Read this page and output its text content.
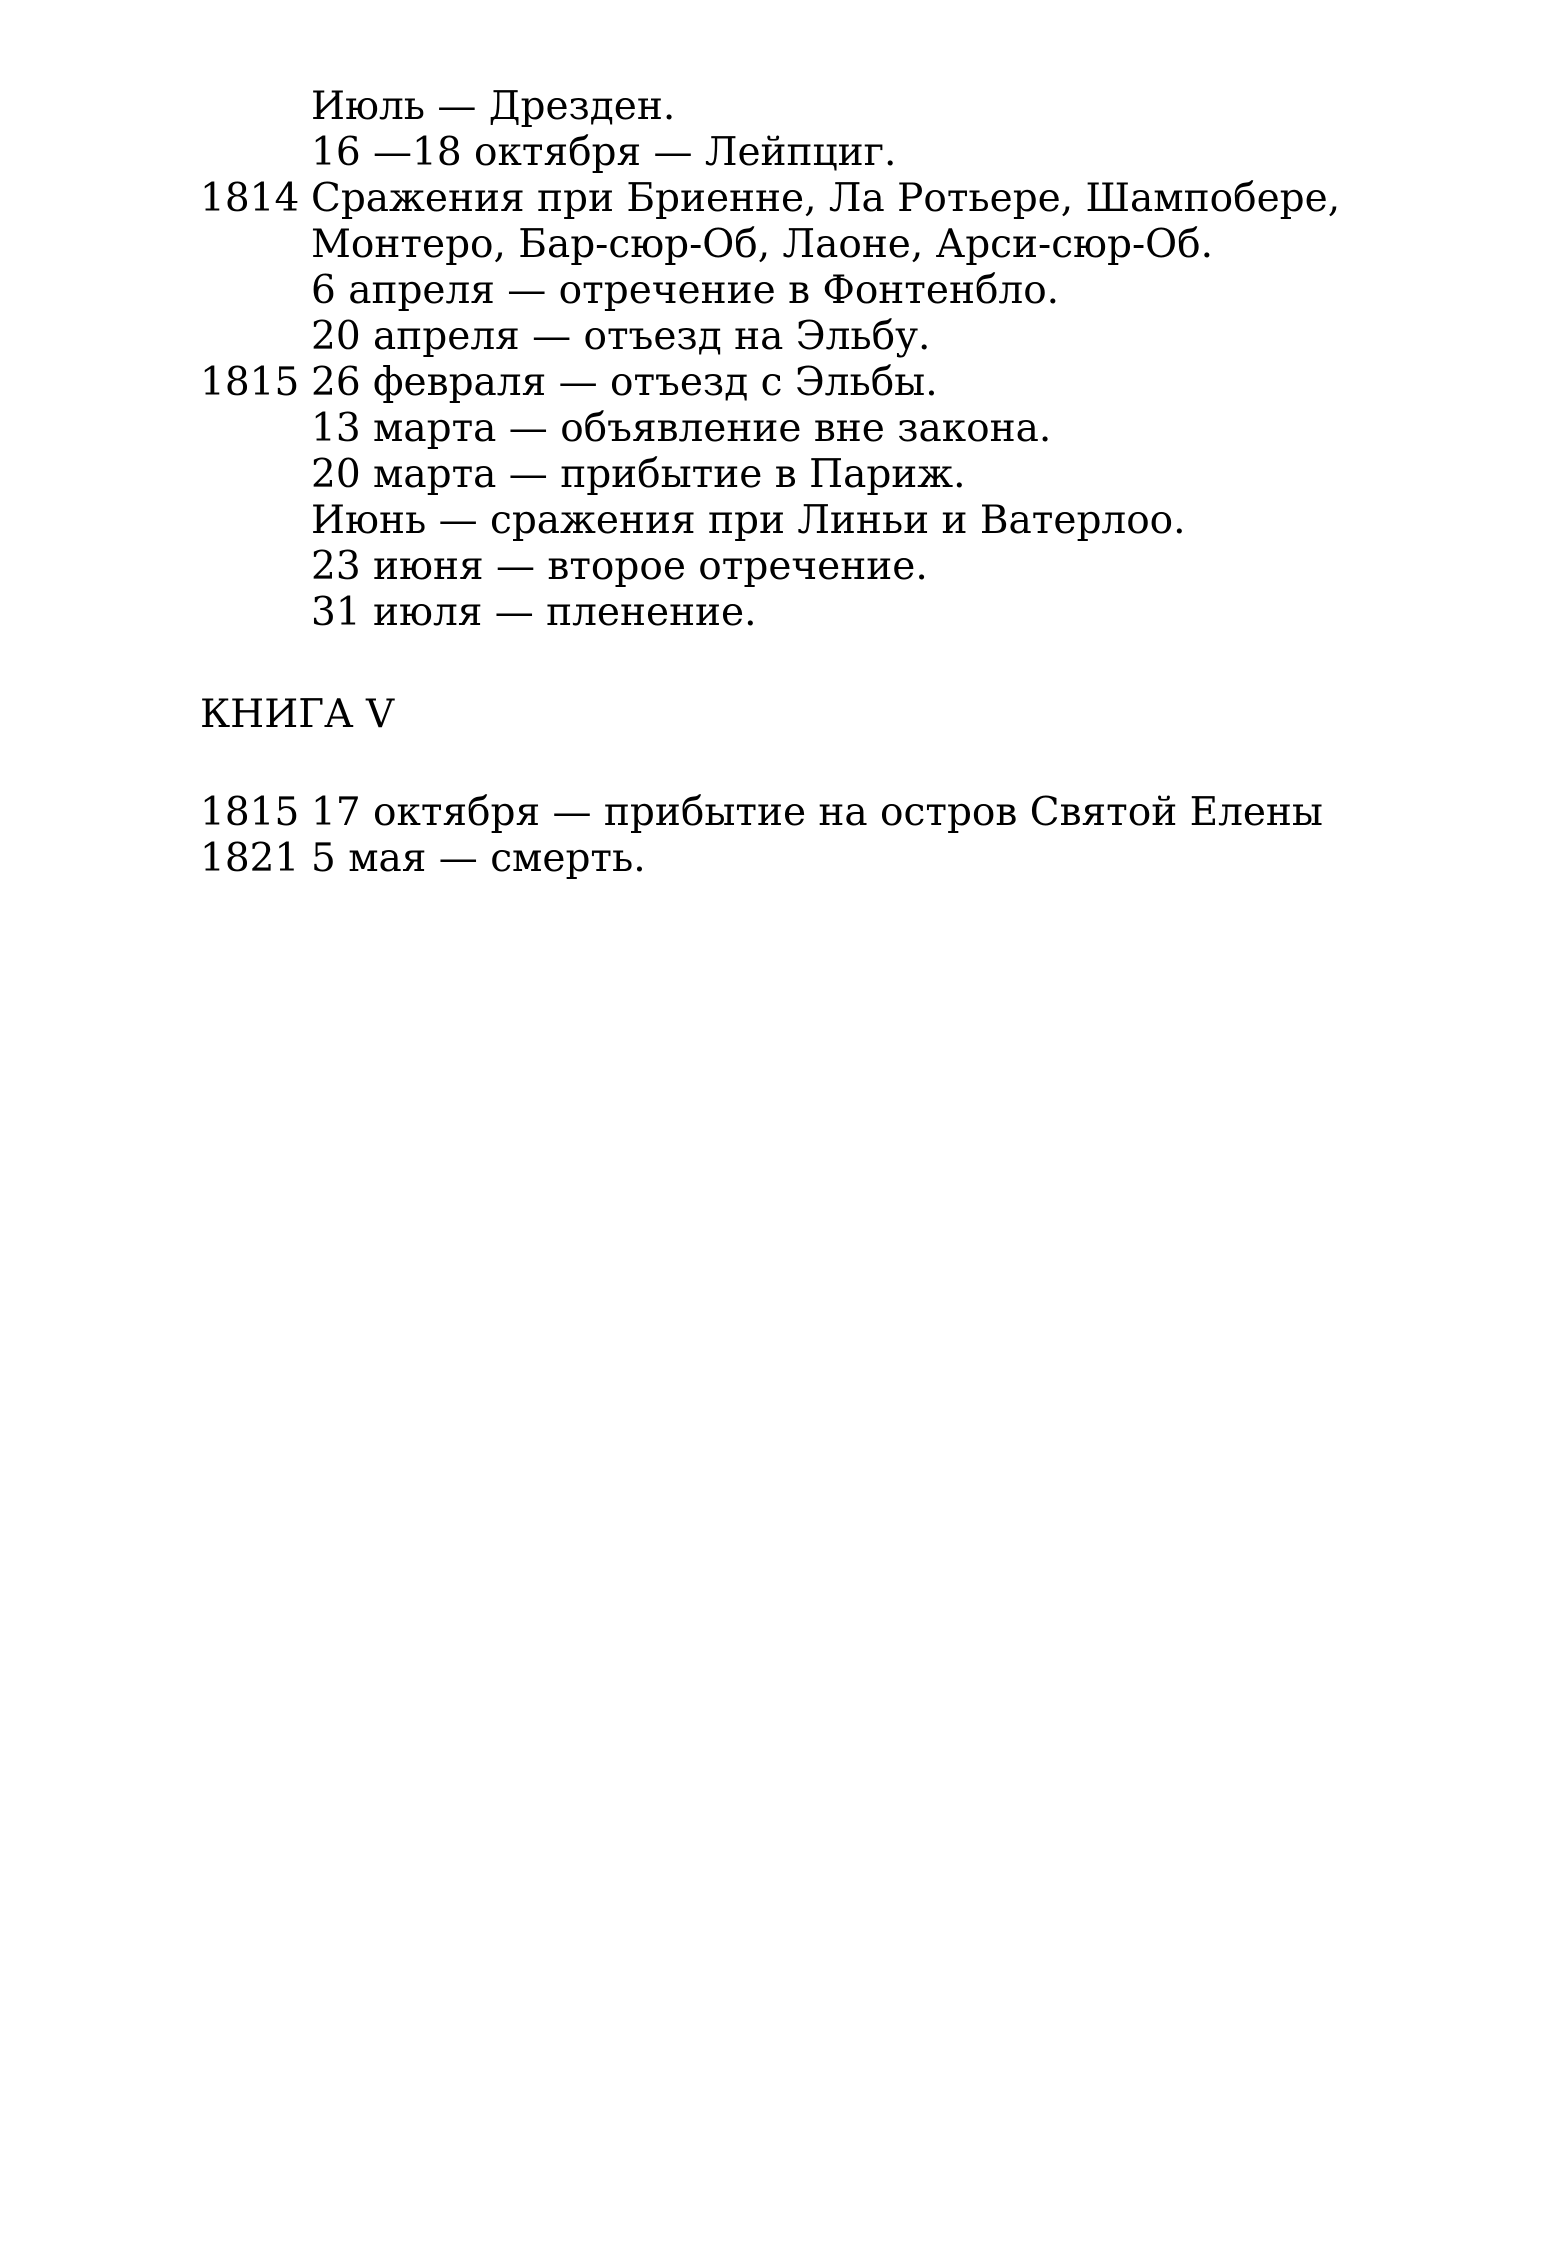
Июль — Дрезден.
16 —18 октября — Лейпциг.
1814 Сражения при Бриенне, Ла Ротьере, Шампобере,
Монтеро, Бар-сюр-Об, Лаоне, Арси-сюр-Об.
6 апреля — отречение в Фонтенбло.
20 апреля — отъезд на Эльбу.
1815 26 февраля — отъезд с Эльбы.
13 марта — объявление вне закона.
20 марта — прибытие в Париж.
Июнь — сражения при Линьи и Ватерлоо.
23 июня — второе отречение.
31 июля — пленение.
КНИГА V
1815 17 октября — прибытие на остров Святой Елены
1821 5 мая — смерть.
